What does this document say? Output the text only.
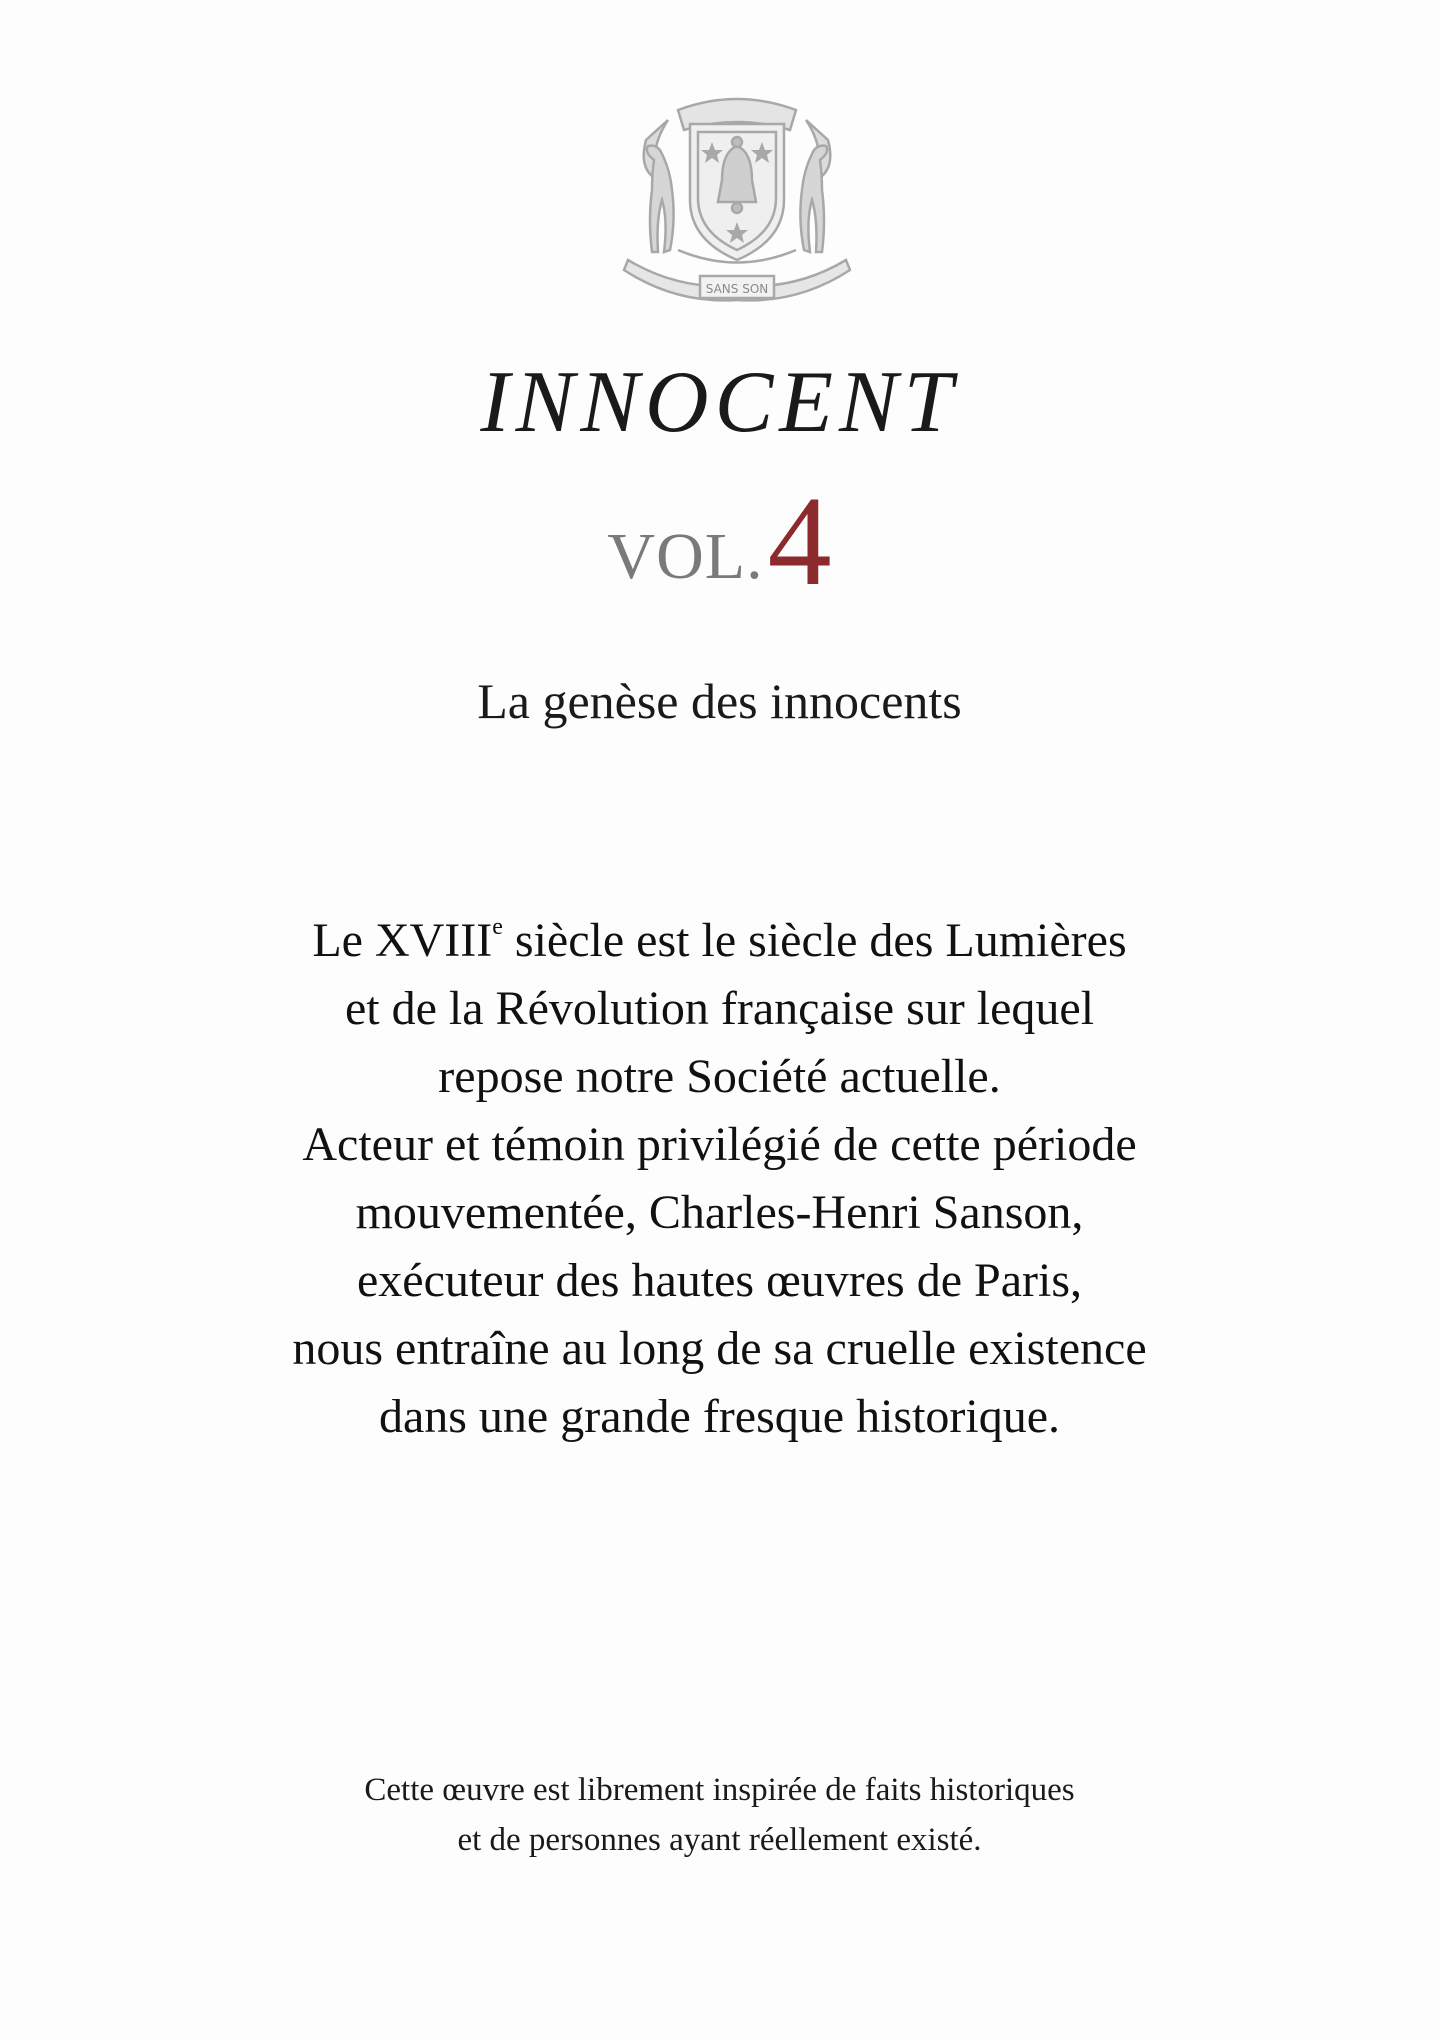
SANS SON
INNOCENT
VOL.4
La genèse des innocents
Le XVIIIe siècle est le siècle des Lumières
et de la Révolution française sur lequel
repose notre Société actuelle.
Acteur et témoin privilégié de cette période
mouvementée, Charles-Henri Sanson,
exécuteur des hautes œuvres de Paris,
nous entraîne au long de sa cruelle existence
dans une grande fresque historique.
Cette œuvre est librement inspirée de faits historiques
et de personnes ayant réellement existé.
